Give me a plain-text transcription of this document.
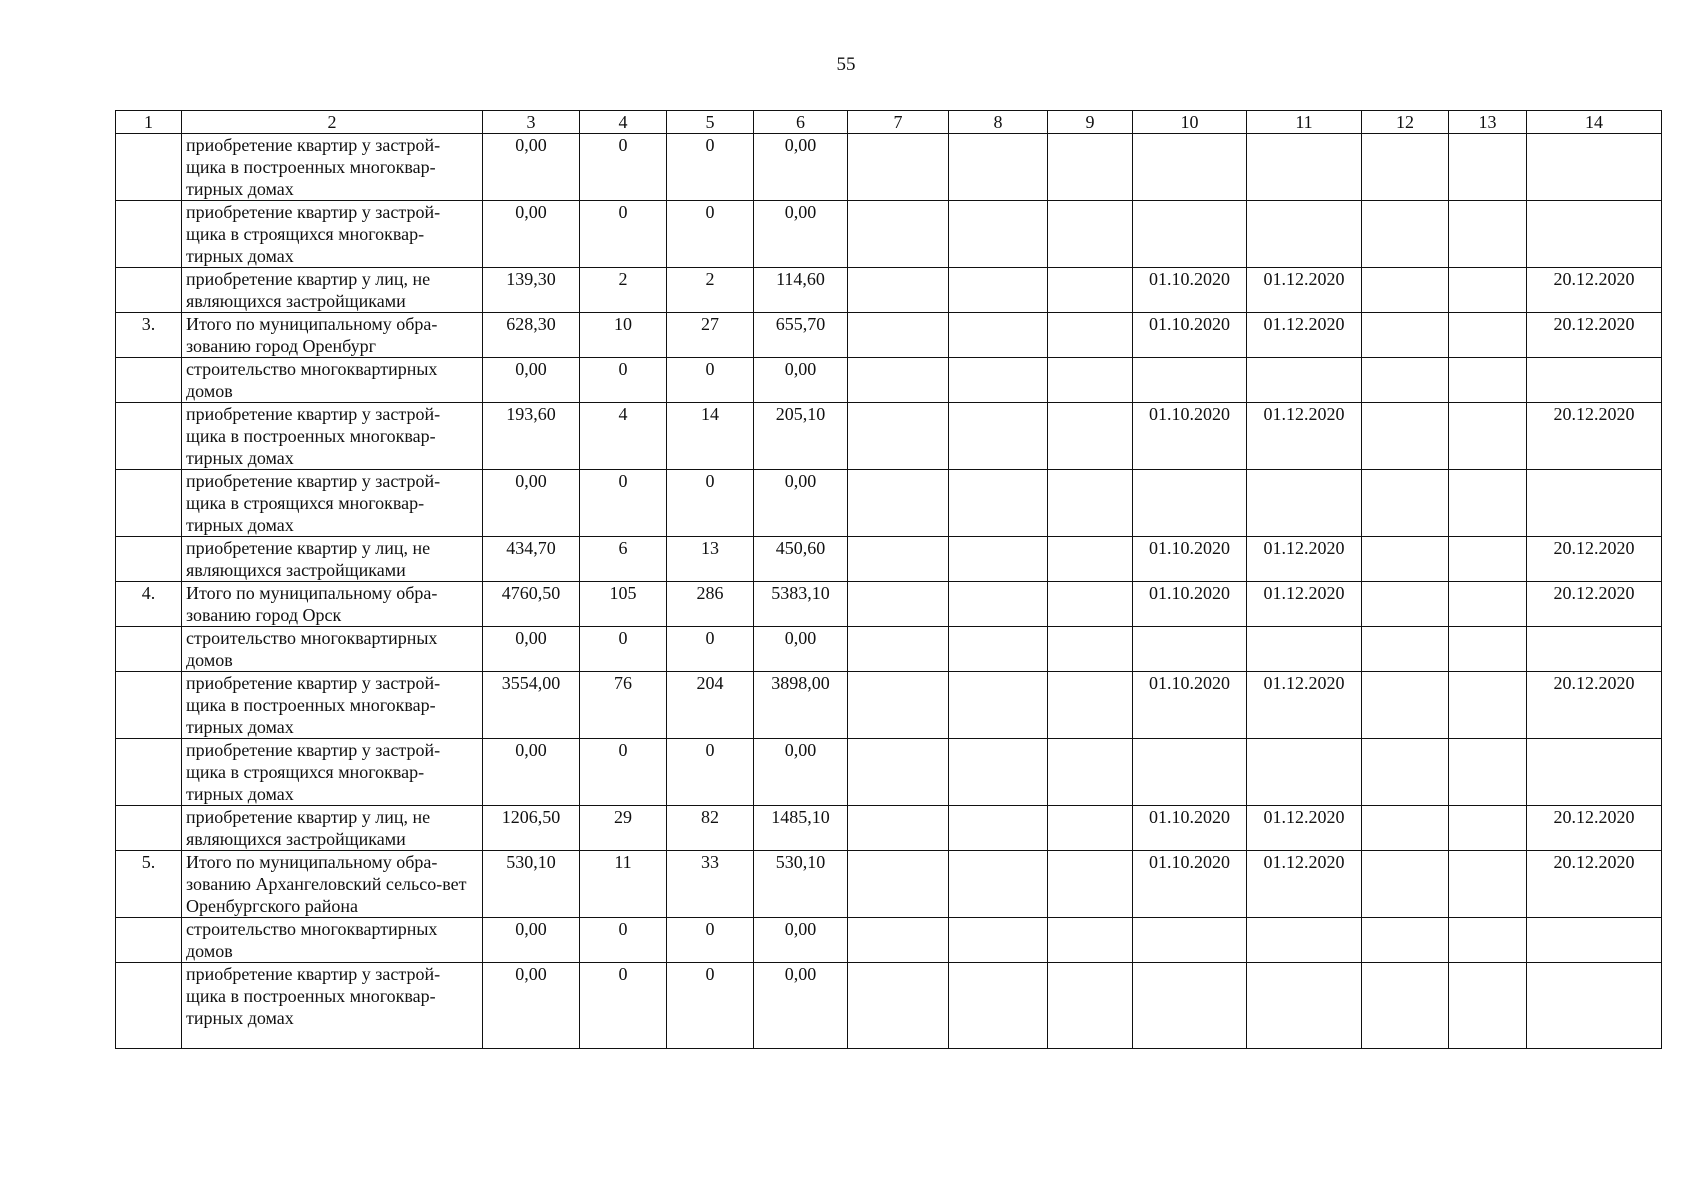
55
1	2	3	4	5	6	7	8	9	10	11	12	13	14
	приобретение квартир у застрой-щика в построенных многоквар-тирных домах	0,00	0	0	0,00								
	приобретение квартир у застрой-щика в строящихся многоквар-тирных домах	0,00	0	0	0,00								
	приобретение квартир у лиц, не являющихся застройщиками	139,30	2	2	114,60				01.10.2020	01.12.2020			20.12.2020
3.	Итого по муниципальному обра-зованию город Оренбург	628,30	10	27	655,70				01.10.2020	01.12.2020			20.12.2020
	строительство многоквартирных домов	0,00	0	0	0,00								
	приобретение квартир у застрой-щика в построенных многоквар-тирных домах	193,60	4	14	205,10				01.10.2020	01.12.2020			20.12.2020
	приобретение квартир у застрой-щика в строящихся многоквар-тирных домах	0,00	0	0	0,00								
	приобретение квартир у лиц, не являющихся застройщиками	434,70	6	13	450,60				01.10.2020	01.12.2020			20.12.2020
4.	Итого по муниципальному обра-зованию город Орск	4760,50	105	286	5383,10				01.10.2020	01.12.2020			20.12.2020
	строительство многоквартирных домов	0,00	0	0	0,00								
	приобретение квартир у застрой-щика в построенных многоквар-тирных домах	3554,00	76	204	3898,00				01.10.2020	01.12.2020			20.12.2020
	приобретение квартир у застрой-щика в строящихся многоквар-тирных домах	0,00	0	0	0,00								
	приобретение квартир у лиц, не являющихся застройщиками	1206,50	29	82	1485,10				01.10.2020	01.12.2020			20.12.2020
5.	Итого по муниципальному обра-зованию Архангеловский сельсо-вет Оренбургского района	530,10	11	33	530,10				01.10.2020	01.12.2020			20.12.2020
	строительство многоквартирных домов	0,00	0	0	0,00								
	приобретение квартир у застрой-щика в построенных многоквар-тирных домах	0,00	0	0	0,00								
